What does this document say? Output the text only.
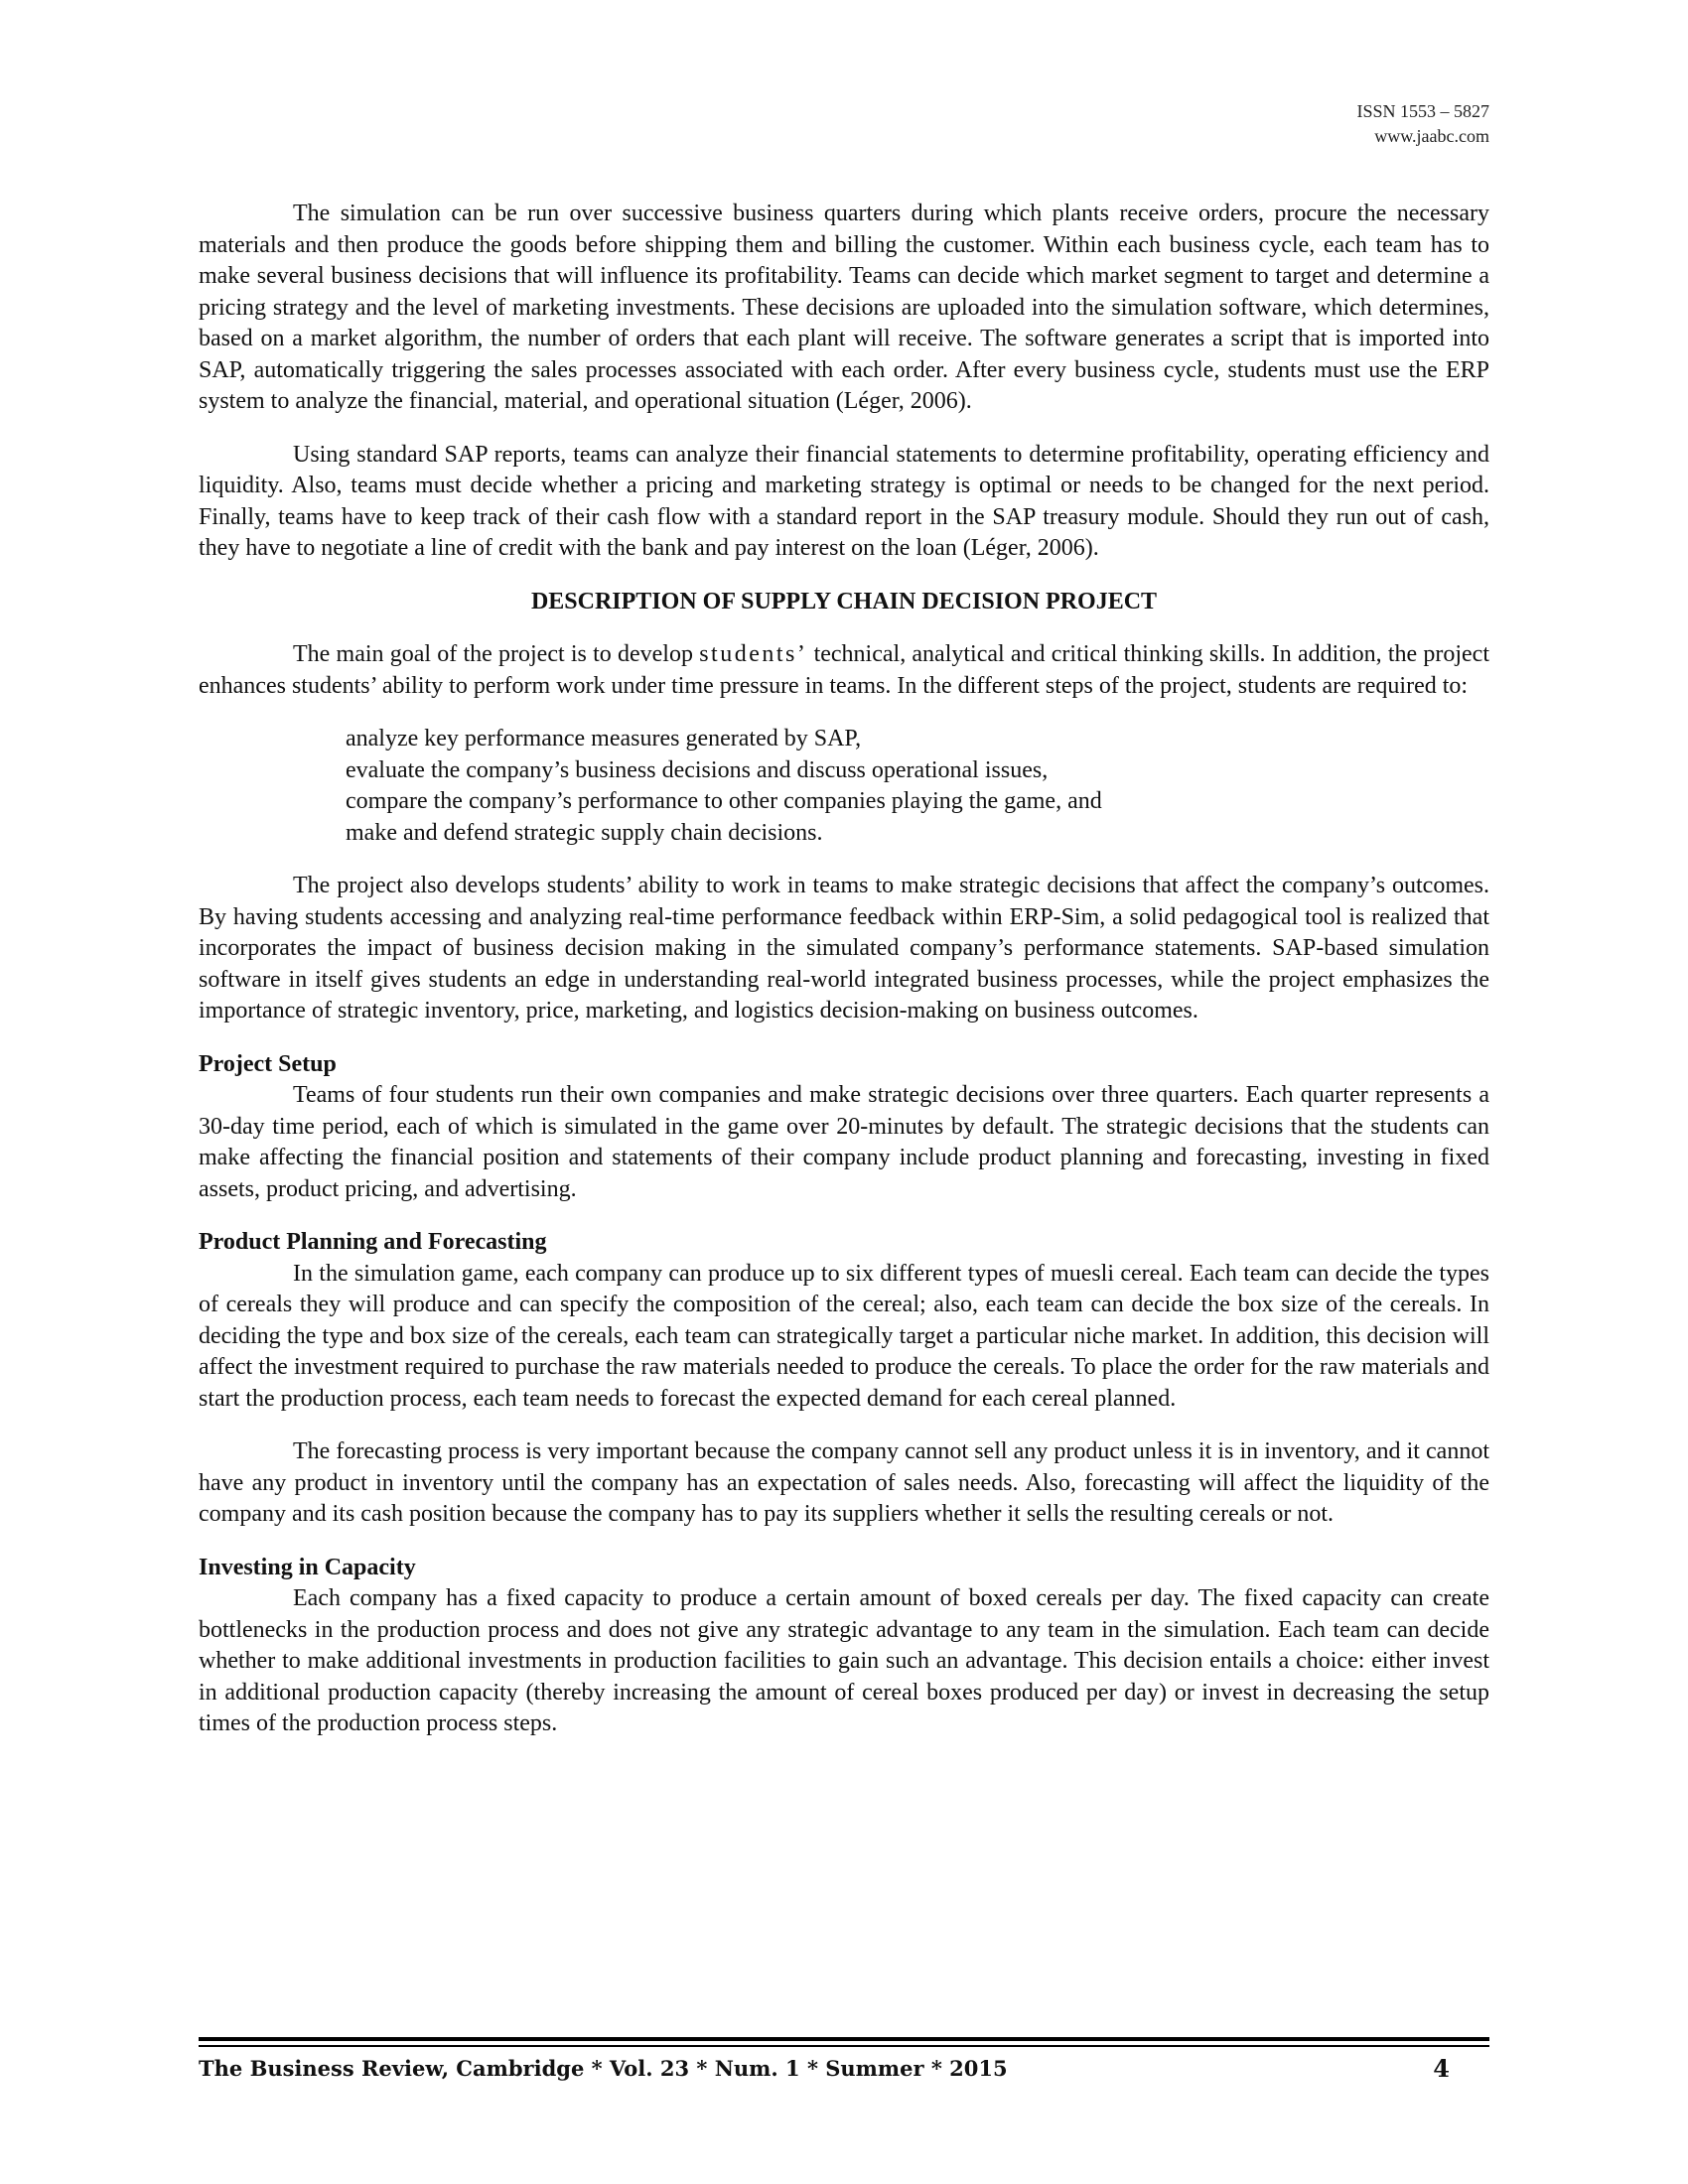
ISSN 1553 – 5827
www.jaabc.com

The simulation can be run over successive business quarters during which plants receive orders, procure the necessary materials and then produce the goods before shipping them and billing the customer. Within each business cycle, each team has to make several business decisions that will influence its profitability. Teams can decide which market segment to target and determine a pricing strategy and the level of marketing investments. These decisions are uploaded into the simulation software, which determines, based on a market algorithm, the number of orders that each plant will receive. The software generates a script that is imported into SAP, automatically triggering the sales processes associated with each order. After every business cycle, students must use the ERP system to analyze the financial, material, and operational situation (Léger, 2006).

Using standard SAP reports, teams can analyze their financial statements to determine profitability, operating efficiency and liquidity. Also, teams must decide whether a pricing and marketing strategy is optimal or needs to be changed for the next period. Finally, teams have to keep track of their cash flow with a standard report in the SAP treasury module. Should they run out of cash, they have to negotiate a line of credit with the bank and pay interest on the loan (Léger, 2006).

DESCRIPTION OF SUPPLY CHAIN DECISION PROJECT

The main goal of the project is to develop students’ technical, analytical and critical thinking skills. In addition, the project enhances students’ ability to perform work under time pressure in teams. In the different steps of the project, students are required to:

analyze key performance measures generated by SAP,
evaluate the company’s business decisions and discuss operational issues,
compare the company’s performance to other companies playing the game, and
make and defend strategic supply chain decisions.

The project also develops students’ ability to work in teams to make strategic decisions that affect the company’s outcomes. By having students accessing and analyzing real-time performance feedback within ERP-Sim, a solid pedagogical tool is realized that incorporates the impact of business decision making in the simulated company’s performance statements. SAP-based simulation software in itself gives students an edge in understanding real-world integrated business processes, while the project emphasizes the importance of strategic inventory, price, marketing, and logistics decision-making on business outcomes.

Project Setup

Teams of four students run their own companies and make strategic decisions over three quarters. Each quarter represents a 30-day time period, each of which is simulated in the game over 20-minutes by default. The strategic decisions that the students can make affecting the financial position and statements of their company include product planning and forecasting, investing in fixed assets, product pricing, and advertising.

Product Planning and Forecasting

In the simulation game, each company can produce up to six different types of muesli cereal. Each team can decide the types of cereals they will produce and can specify the composition of the cereal; also, each team can decide the box size of the cereals. In deciding the type and box size of the cereals, each team can strategically target a particular niche market. In addition, this decision will affect the investment required to purchase the raw materials needed to produce the cereals. To place the order for the raw materials and start the production process, each team needs to forecast the expected demand for each cereal planned.

The forecasting process is very important because the company cannot sell any product unless it is in inventory, and it cannot have any product in inventory until the company has an expectation of sales needs. Also, forecasting will affect the liquidity of the company and its cash position because the company has to pay its suppliers whether it sells the resulting cereals or not.

Investing in Capacity

Each company has a fixed capacity to produce a certain amount of boxed cereals per day. The fixed capacity can create bottlenecks in the production process and does not give any strategic advantage to any team in the simulation. Each team can decide whether to make additional investments in production facilities to gain such an advantage. This decision entails a choice: either invest in additional production capacity (thereby increasing the amount of cereal boxes produced per day) or invest in decreasing the setup times of the production process steps.

The Business Review, Cambridge * Vol. 23 * Num. 1 * Summer * 2015	4
